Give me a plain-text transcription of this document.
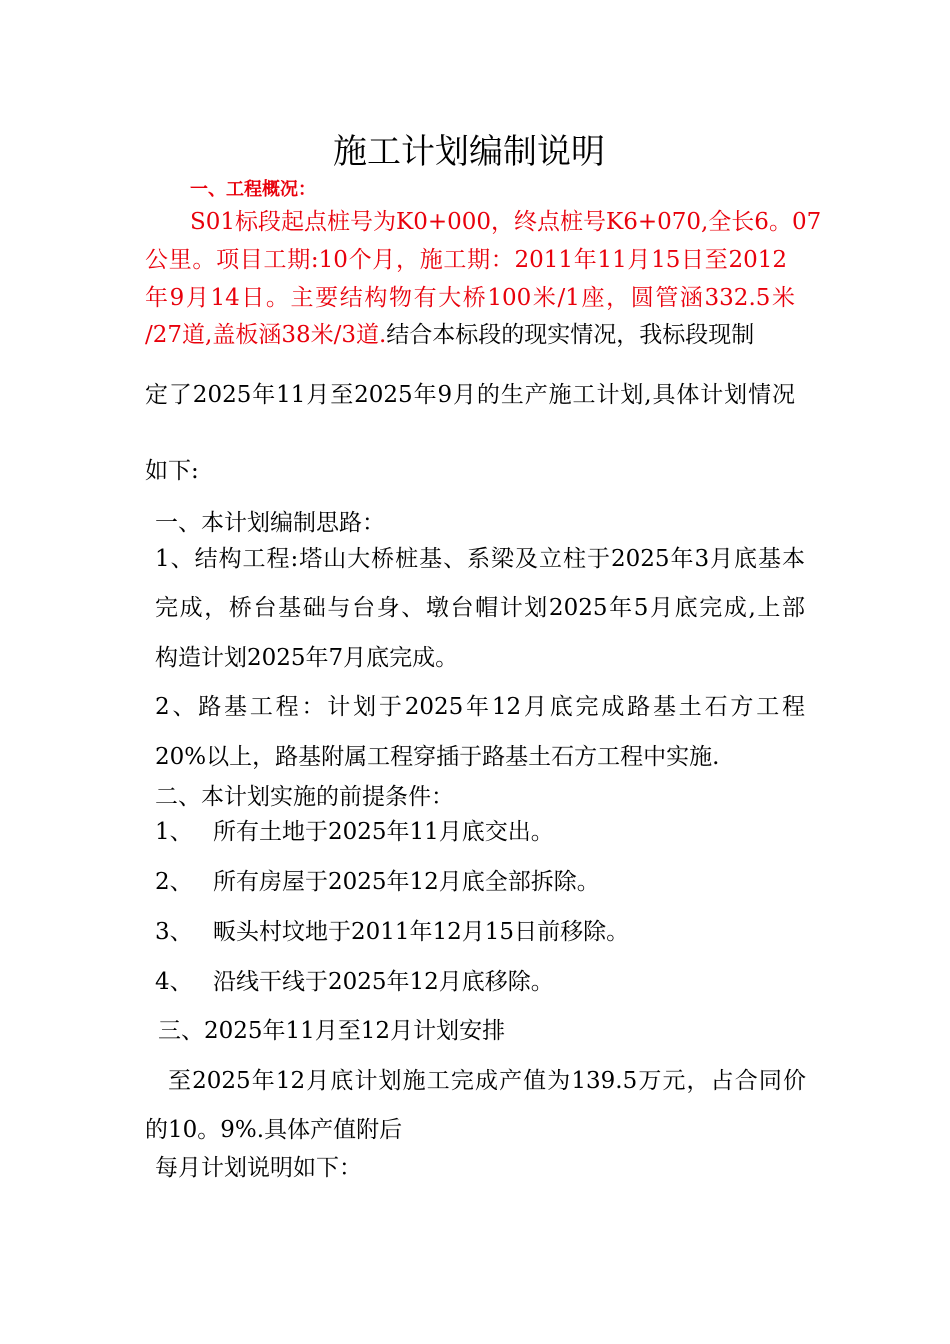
施工计划编制说明
一、工程概况：
S01标段起点桩号为K0+000，终点桩号K6+070,全长6。07
公里。项目工期:10个月，施工期：2011年11月15日至2012
年9月14日。主要结构物有大桥100米/1座，圆管涵332.5米
/27道,盖板涵38米/3道.结合本标段的现实情况，我标段现制
定了2025年11月至2025年9月的生产施工计划,具体计划情况
如下:
一、本计划编制思路：
1、结构工程:塔山大桥桩基、系梁及立柱于2025年3月底基本
完成，桥台基础与台身、墩台帽计划2025年5月底完成,上部
构造计划2025年7月底完成。
2、路基工程：计划于2025年12月底完成路基土石方工程
20%以上，路基附属工程穿插于路基土石方工程中实施.
二、本计划实施的前提条件：
1、 所有土地于2025年11月底交出。
2、 所有房屋于2025年12月底全部拆除。
3、 畈头村坟地于2011年12月15日前移除。
4、 沿线干线于2025年12月底移除。
三、2025年11月至12月计划安排
至2025年12月底计划施工完成产值为139.5万元，占合同价
的10。9%.具体产值附后
每月计划说明如下：
